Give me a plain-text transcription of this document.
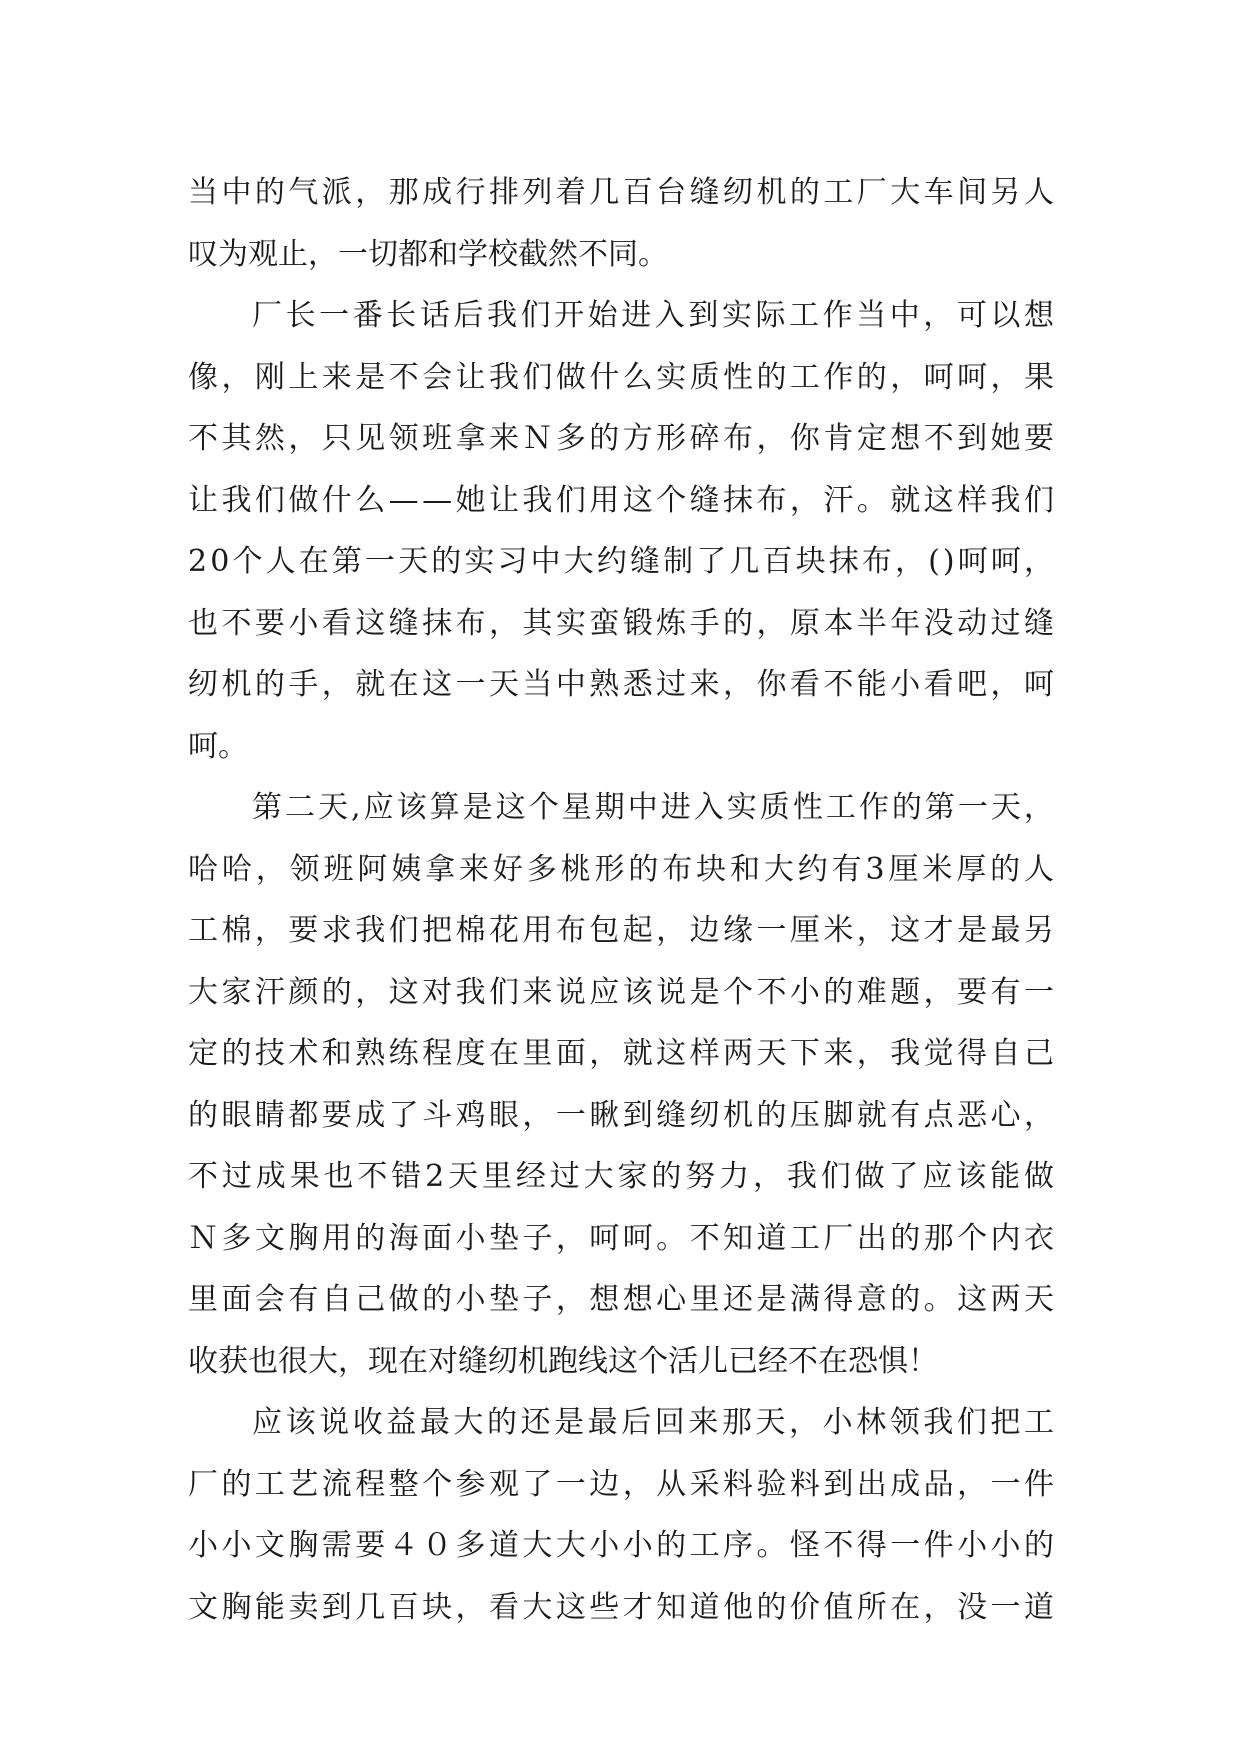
当 中 的 气 派 ， 那 成 行 排 列 着 几 百 台 缝 纫 机 的 工 厂 大 车 间 另 人
叹为观止，一切都和学校截然不同。
厂 长 一 番 长 话 后 我 们 开 始 进 入 到 实 际 工 作 当 中 ， 可 以 想
像 ， 刚 上 来 是 不 会 让 我 们 做 什 么 实 质 性 的 工 作 的 ， 呵 呵 ， 果
不 其 然 ， 只 见 领 班 拿 来 Ｎ 多 的 方 形 碎 布 ， 你 肯 定 想 不 到 她 要
让 我 们 做 什 么 — — 她 让 我 们 用 这 个 缝 抹 布 ， 汗 。 就 这 样 我 们
2 0 个 人 在 第 一 天 的 实 习 中 大 约 缝 制 了 几 百 块 抹 布 ， ( ) 呵 呵 ，
也 不 要 小 看 这 缝 抹 布 ， 其 实 蛮 锻 炼 手 的 ， 原 本 半 年 没 动 过 缝
纫 机 的 手 ， 就 在 这 一 天 当 中 熟 悉 过 来 ， 你 看 不 能 小 看 吧 ， 呵
呵。
第 二 天 , 应 该 算 是 这 个 星 期 中 进 入 实 质 性 工 作 的 第 一 天 ，
哈 哈 ， 领 班 阿 姨 拿 来 好 多 桃 形 的 布 块 和 大 约 有 3 厘 米 厚 的 人
工 棉 ， 要 求 我 们 把 棉 花 用 布 包 起 ， 边 缘 一 厘 米 ， 这 才 是 最 另
大 家 汗 颜 的 ， 这 对 我 们 来 说 应 该 说 是 个 不 小 的 难 题 ， 要 有 一
定 的 技 术 和 熟 练 程 度 在 里 面 ， 就 这 样 两 天 下 来 ， 我 觉 得 自 己
的 眼 睛 都 要 成 了 斗 鸡 眼 ， 一 瞅 到 缝 纫 机 的 压 脚 就 有 点 恶 心 ，
不 过 成 果 也 不 错 2 天 里 经 过 大 家 的 努 力 ， 我 们 做 了 应 该 能 做
Ｎ 多 文 胸 用 的 海 面 小 垫 子 ， 呵 呵 。 不 知 道 工 厂 出 的 那 个 内 衣
里 面 会 有 自 己 做 的 小 垫 子 ， 想 想 心 里 还 是 满 得 意 的 。 这 两 天
收获也很大，现在对缝纫机跑线这个活儿已经不在恐惧！
应 该 说 收 益 最 大 的 还 是 最 后 回 来 那 天 ， 小 林 领 我 们 把 工
厂 的 工 艺 流 程 整 个 参 观 了 一 边 ， 从 采 料 验 料 到 出 成 品 ， 一 件
小 小 文 胸 需 要 ４ ０ 多 道 大 大 小 小 的 工 序 。 怪 不 得 一 件 小 小 的
文 胸 能 卖 到 几 百 块 ， 看 大 这 些 才 知 道 他 的 价 值 所 在 ， 没 一 道
